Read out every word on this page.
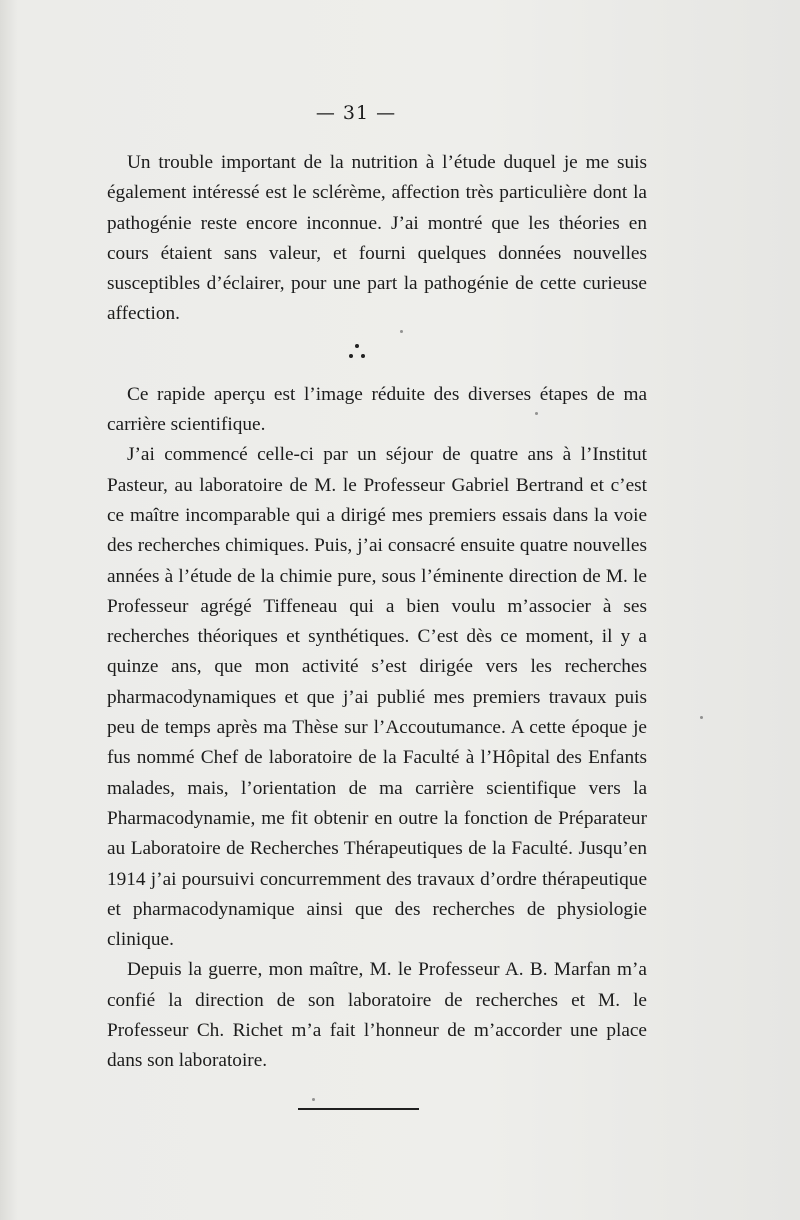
— 31 —

Un trouble important de la nutrition à l’étude duquel je me suis également intéressé est le sclérème, affection très particulière dont la pathogénie reste encore inconnue. J’ai montré que les théories en cours étaient sans valeur, et fourni quelques données nouvelles susceptibles d’éclairer, pour une part la pathogénie de cette curieuse affection.

Ce rapide aperçu est l’image réduite des diverses étapes de ma carrière scientifique.

J’ai commencé celle-ci par un séjour de quatre ans à l’Institut Pasteur, au laboratoire de M. le Professeur Gabriel Bertrand et c’est ce maître incomparable qui a dirigé mes premiers essais dans la voie des recherches chimiques. Puis, j’ai consacré ensuite quatre nouvelles années à l’étude de la chimie pure, sous l’éminente direction de M. le Professeur agrégé Tiffeneau qui a bien voulu m’associer à ses recherches théoriques et synthétiques. C’est dès ce moment, il y a quinze ans, que mon activité s’est dirigée vers les recherches pharmacodynamiques et que j’ai publié mes premiers travaux puis peu de temps après ma Thèse sur l’Accoutumance. A cette époque je fus nommé Chef de laboratoire de la Faculté à l’Hôpital des Enfants malades, mais, l’orientation de ma carrière scientifique vers la Pharmacodynamie, me fit obtenir en outre la fonction de Préparateur au Laboratoire de Recherches Thérapeutiques de la Faculté. Jusqu’en 1914 j’ai poursuivi concurremment des travaux d’ordre thérapeutique et pharmacodynamique ainsi que des recherches de physiologie clinique.

Depuis la guerre, mon maître, M. le Professeur A. B. Marfan m’a confié la direction de son laboratoire de recherches et M. le Professeur Ch. Richet m’a fait l’honneur de m’accorder une place dans son laboratoire.
